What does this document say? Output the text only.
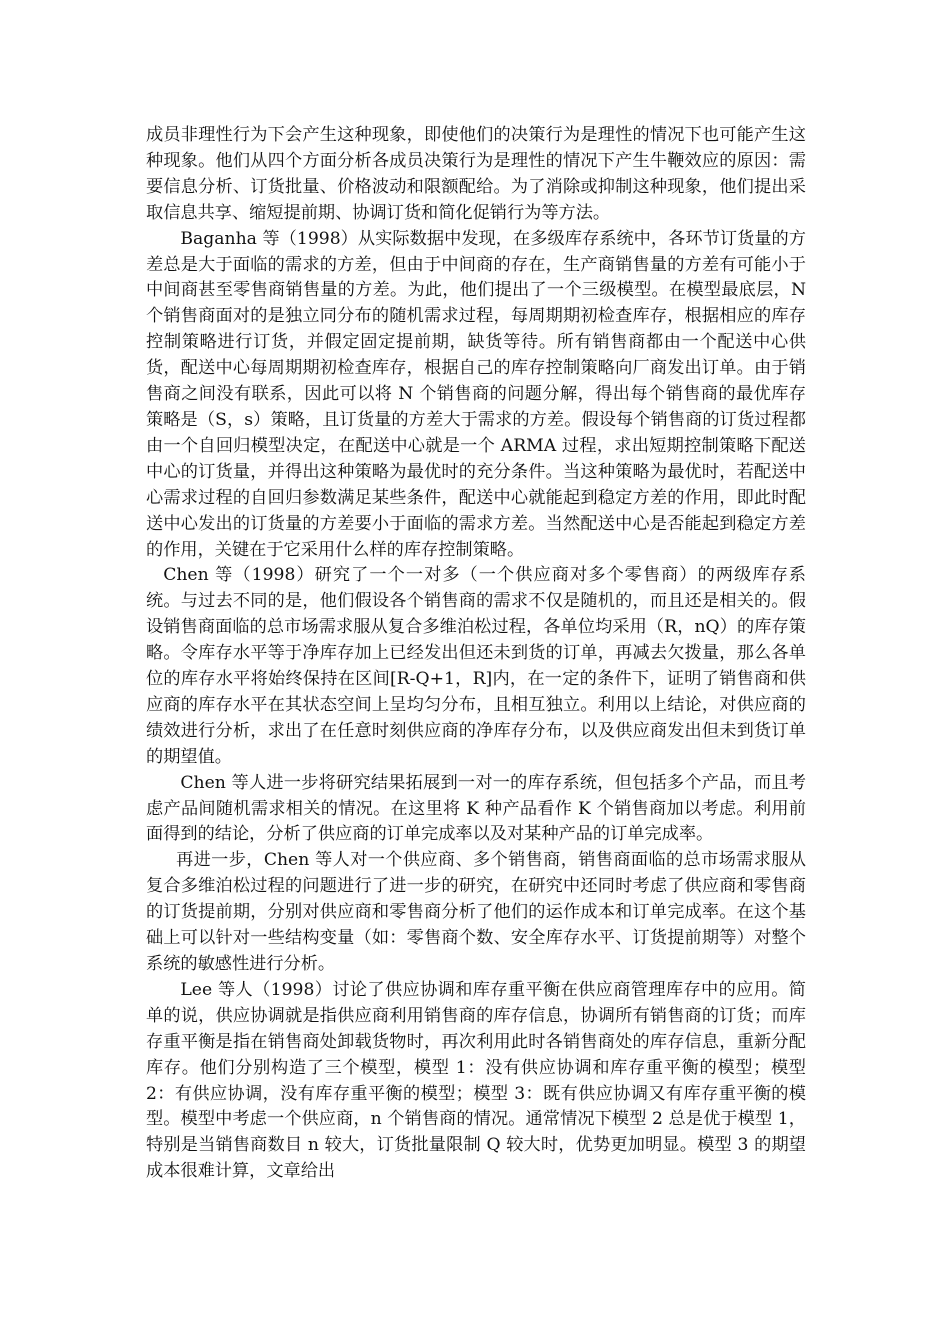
成员非理性行为下会产生这种现象，即使他们的决策行为是理性的情况下也可能产生这种现象。他们从四个方面分析各成员决策行为是理性的情况下产生牛鞭效应的原因：需要信息分析、订货批量、价格波动和限额配给。为了消除或抑制这种现象，他们提出采取信息共享、缩短提前期、协调订货和简化促销行为等方法。

Baganha 等（1998）从实际数据中发现，在多级库存系统中，各环节订货量的方差总是大于面临的需求的方差，但由于中间商的存在，生产商销售量的方差有可能小于中间商甚至零售商销售量的方差。为此，他们提出了一个三级模型。在模型最底层，N 个销售商面对的是独立同分布的随机需求过程，每周期期初检查库存，根据相应的库存控制策略进行订货，并假定固定提前期，缺货等待。所有销售商都由一个配送中心供货，配送中心每周期期初检查库存，根据自己的库存控制策略向厂商发出订单。由于销售商之间没有联系，因此可以将 N 个销售商的问题分解，得出每个销售商的最优库存策略是（S，s）策略，且订货量的方差大于需求的方差。假设每个销售商的订货过程都由一个自回归模型决定，在配送中心就是一个 ARMA 过程，求出短期控制策略下配送中心的订货量，并得出这种策略为最优时的充分条件。当这种策略为最优时，若配送中心需求过程的自回归参数满足某些条件，配送中心就能起到稳定方差的作用，即此时配送中心发出的订货量的方差要小于面临的需求方差。当然配送中心是否能起到稳定方差的作用，关键在于它采用什么样的库存控制策略。

Chen 等（1998）研究了一个一对多（一个供应商对多个零售商）的两级库存系统。与过去不同的是，他们假设各个销售商的需求不仅是随机的，而且还是相关的。假设销售商面临的总市场需求服从复合多维泊松过程，各单位均采用（R，nQ）的库存策略。令库存水平等于净库存加上已经发出但还未到货的订单，再减去欠拨量，那么各单位的库存水平将始终保持在区间[R-Q+1，R]内，在一定的条件下，证明了销售商和供应商的库存水平在其状态空间上呈均匀分布，且相互独立。利用以上结论，对供应商的绩效进行分析，求出了在任意时刻供应商的净库存分布，以及供应商发出但未到货订单的期望值。

Chen 等人进一步将研究结果拓展到一对一的库存系统，但包括多个产品，而且考虑产品间随机需求相关的情况。在这里将 K 种产品看作 K 个销售商加以考虑。利用前面得到的结论，分析了供应商的订单完成率以及对某种产品的订单完成率。

再进一步，Chen 等人对一个供应商、多个销售商，销售商面临的总市场需求服从复合多维泊松过程的问题进行了进一步的研究，在研究中还同时考虑了供应商和零售商的订货提前期，分别对供应商和零售商分析了他们的运作成本和订单完成率。在这个基础上可以针对一些结构变量（如：零售商个数、安全库存水平、订货提前期等）对整个系统的敏感性进行分析。

Lee 等人（1998）讨论了供应协调和库存重平衡在供应商管理库存中的应用。简单的说，供应协调就是指供应商利用销售商的库存信息，协调所有销售商的订货；而库存重平衡是指在销售商处卸载货物时，再次利用此时各销售商处的库存信息，重新分配库存。他们分别构造了三个模型，模型 1：没有供应协调和库存重平衡的模型；模型 2：有供应协调，没有库存重平衡的模型；模型 3：既有供应协调又有库存重平衡的模型。模型中考虑一个供应商，n 个销售商的情况。通常情况下模型 2 总是优于模型 1，特别是当销售商数目 n 较大，订货批量限制 Q 较大时，优势更加明显。模型 3 的期望成本很难计算，文章给出
